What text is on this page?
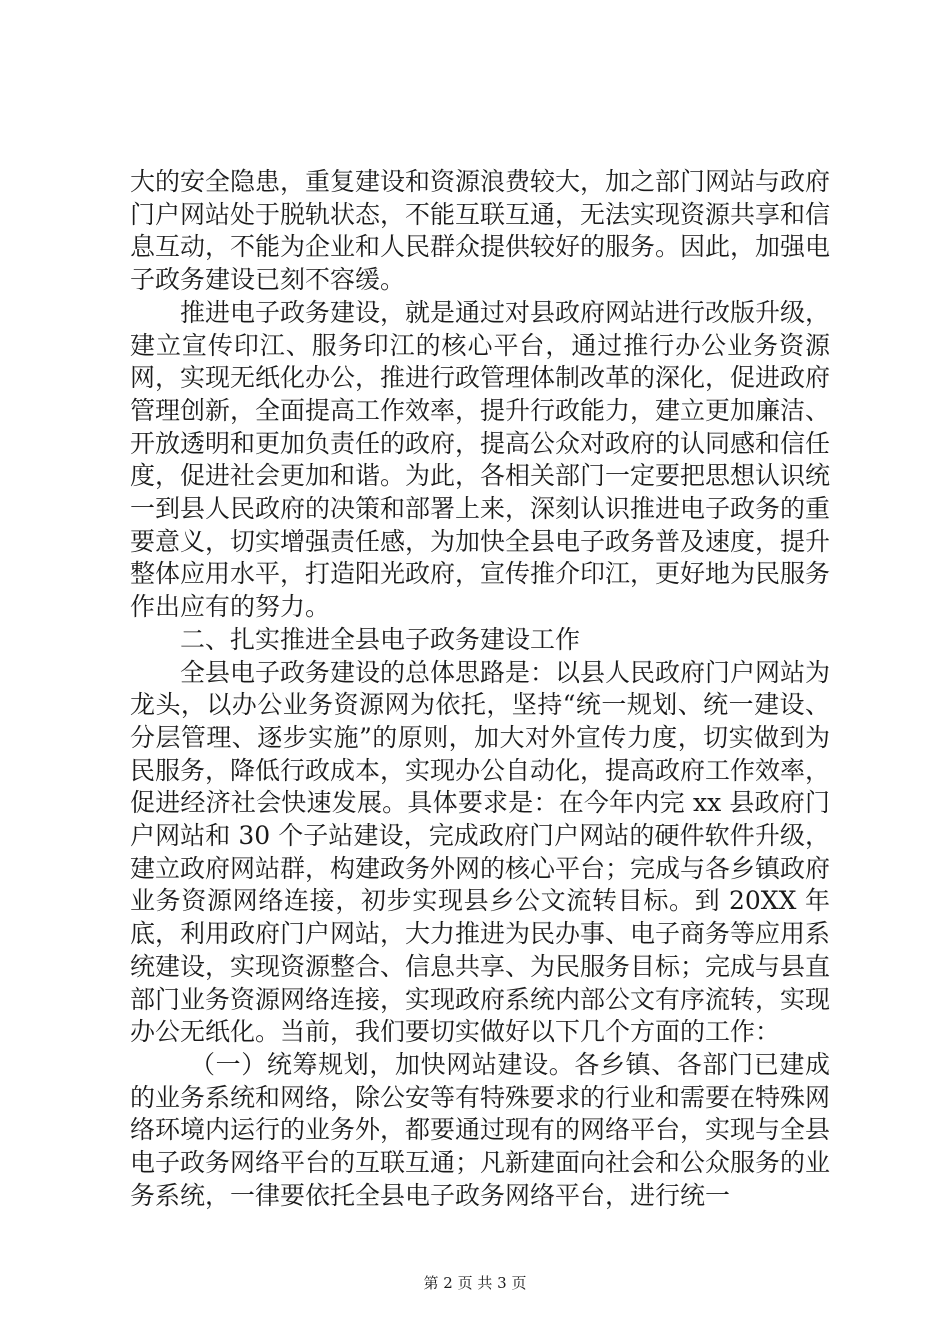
大的安全隐患，重复建设和资源浪费较大，加之部门网站与政府门户网站处于脱轨状态，不能互联互通，无法实现资源共享和信息互动，不能为企业和人民群众提供较好的服务。因此，加强电子政务建设已刻不容缓。

推进电子政务建设，就是通过对县政府网站进行改版升级，建立宣传印江、服务印江的核心平台，通过推行办公业务资源网，实现无纸化办公，推进行政管理体制改革的深化，促进政府管理创新，全面提高工作效率，提升行政能力，建立更加廉洁、开放透明和更加负责任的政府，提高公众对政府的认同感和信任度，促进社会更加和谐。为此，各相关部门一定要把思想认识统一到县人民政府的决策和部署上来，深刻认识推进电子政务的重要意义，切实增强责任感，为加快全县电子政务普及速度，提升整体应用水平，打造阳光政府，宣传推介印江，更好地为民服务作出应有的努力。

二、扎实推进全县电子政务建设工作

全县电子政务建设的总体思路是：以县人民政府门户网站为龙头，以办公业务资源网为依托，坚持“统一规划、统一建设、分层管理、逐步实施”的原则，加大对外宣传力度，切实做到为民服务，降低行政成本，实现办公自动化，提高政府工作效率，促进经济社会快速发展。具体要求是：在今年内完 xx 县政府门户网站和 30 个子站建设，完成政府门户网站的硬件软件升级，建立政府网站群，构建政务外网的核心平台；完成与各乡镇政府业务资源网络连接，初步实现县乡公文流转目标。到 20XX 年底，利用政府门户网站，大力推进为民办事、电子商务等应用系统建设，实现资源整合、信息共享、为民服务目标；完成与县直部门业务资源网络连接，实现政府系统内部公文有序流转，实现办公无纸化。当前，我们要切实做好以下几个方面的工作：

（一）统筹规划，加快网站建设。各乡镇、各部门已建成的业务系统和网络，除公安等有特殊要求的行业和需要在特殊网络环境内运行的业务外，都要通过现有的网络平台，实现与全县电子政务网络平台的互联互通；凡新建面向社会和公众服务的业务系统，一律要依托全县电子政务网络平台，进行统一

第 2 页 共 3 页
